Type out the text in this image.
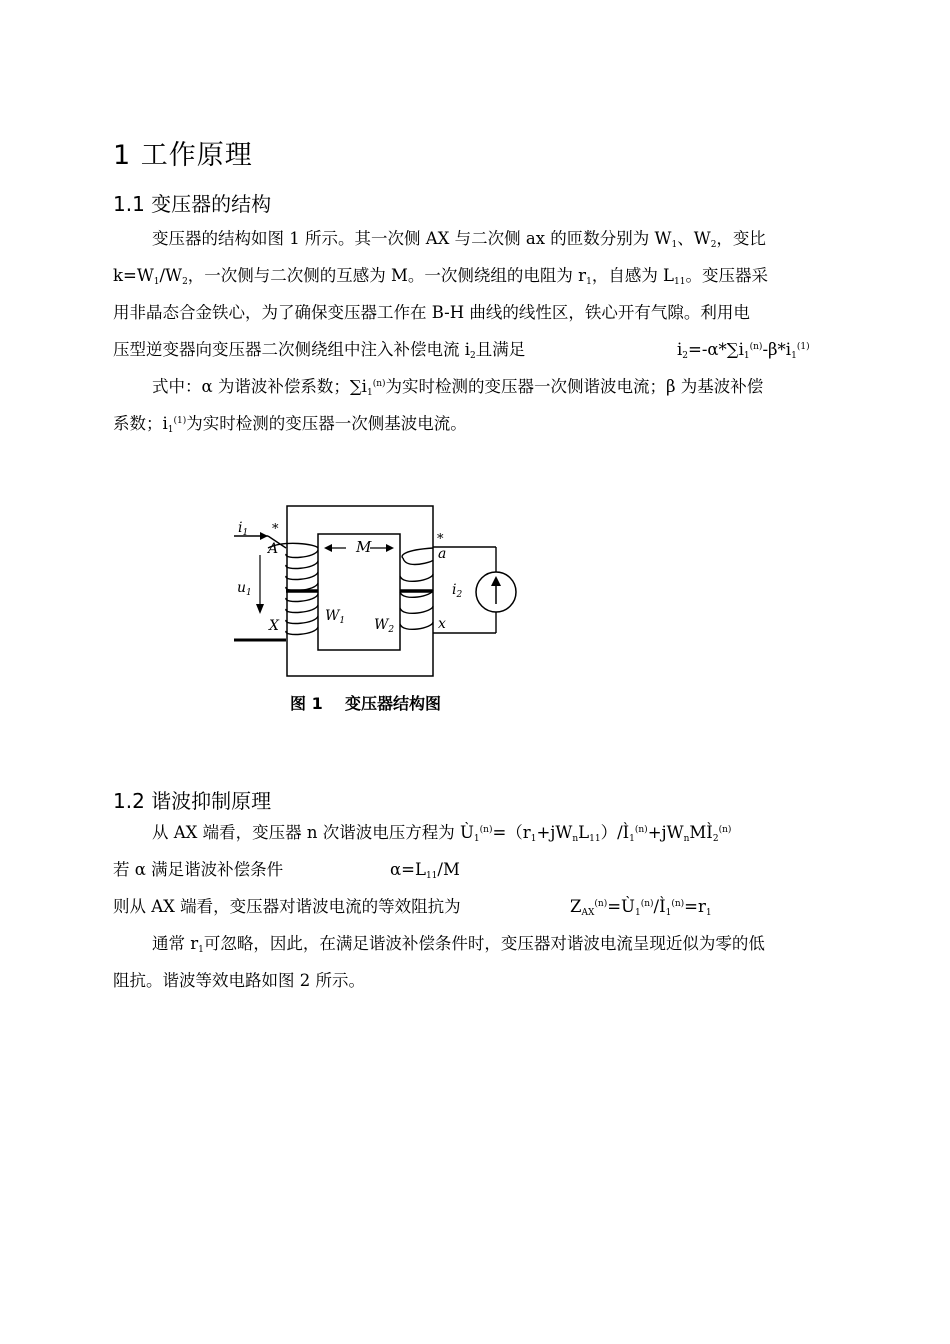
1 工作原理
1.1 变压器的结构
变压器的结构如图 1 所示。其一次侧 AX 与二次侧 ax 的匝数分别为 $W_1$、$W_2$，变比
$k=W_1/W_2$，一次侧与二次侧的互感为 M。一次侧绕组的电阻为 $r_1$，自感为 $L_{11}$。变压器采
用非晶态合金铁心，为了确保变压器工作在 B-H 曲线的线性区，铁心开有气隙。利用电
压型逆变器向变压器二次侧绕组中注入补偿电流 $i_2$且满足	$i_2=-\alpha*\sum i_1^{(n)}-\beta*i_1^{(1)}$
式中：α 为谐波补偿系数；$\sum i_1^{(n)}$为实时检测的变压器一次侧谐波电流；β 为基波补偿
系数；$i_1^{(1)}$为实时检测的变压器一次侧基波电流。
$i_1$ *
A
$u_1$
X
M
$W_1$ $W_2$
*
a
x
$i_2$
图 1    变压器结构图
1.2 谐波抑制原理
从 AX 端看，变压器 n 次谐波电压方程为 $Ù_1^{(n)}=(r_1+jW_nL_{11})/Ì_1^{(n)}+jW_nMÌ_2^{(n)}$
若 α 满足谐波补偿条件	$\alpha=L_{11}/M$
则从 AX 端看，变压器对谐波电流的等效阻抗为	$Z_{AX}^{(n)}=Ù_1^{(n)}/Ì_1^{(n)}=r_1$
通常 $r_1$可忽略，因此，在满足谐波补偿条件时，变压器对谐波电流呈现近似为零的低
阻抗。谐波等效电路如图 2 所示。
